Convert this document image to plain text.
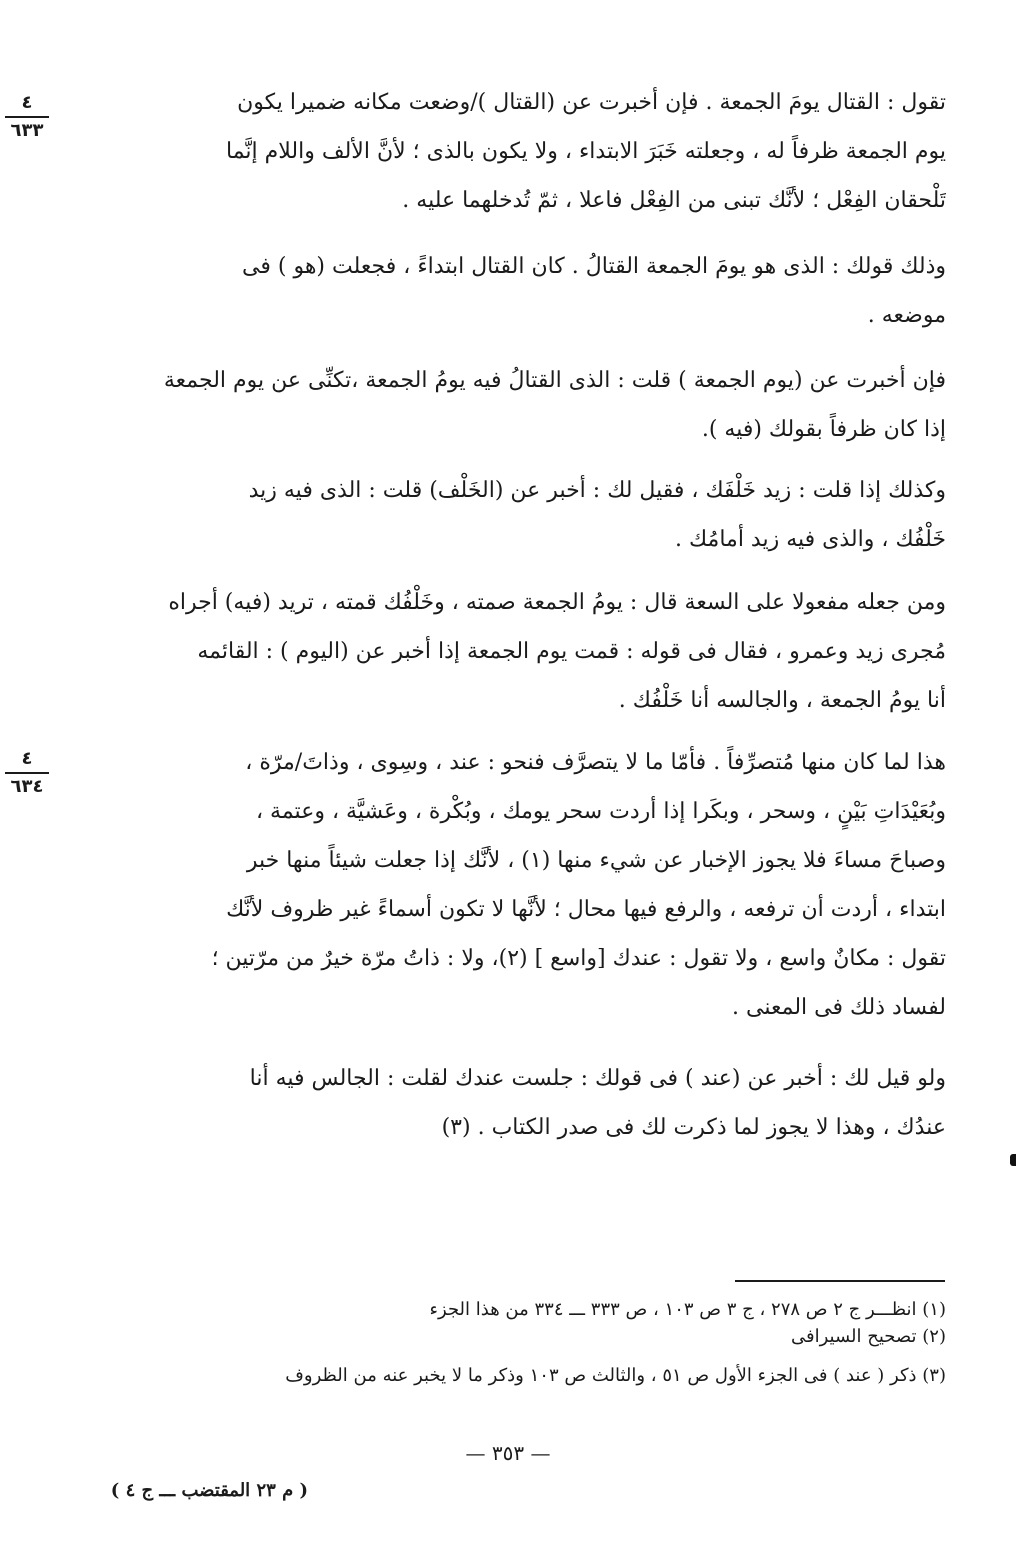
٤
٦٣٣
٤
٦٣٤
تقول : القتال يومَ الجمعة . فإن أخبرت عن (القتال )/وضعت مكانه ضميرا يكون
يوم الجمعة ظرفاً له ، وجعلته خَبَرَ الابتداء ، ولا يكون بالذى ؛ لأنَّ الألف واللام إنَّما
تَلْحقان الفِعْل ؛ لأنَّك تبنى من الفِعْل فاعلا ، ثمّ تُدخلهما عليه .
وذلك قولك : الذى هو يومَ الجمعة القتالُ . كان القتال ابتداءً ، فجعلت (هو ) فى
موضعه .
فإن أخبرت عن (يوم الجمعة ) قلت : الذى القتالُ فيه يومُ الجمعة ،تكنِّى عن يوم الجمعة
إذا كان ظرفاً بقولك (فيه ).
وكذلك إذا قلت : زيد خَلْفَك ، فقيل لك : أخبر عن (الخَلْف) قلت : الذى فيه زيد
خَلْفُك ، والذى فيه زيد أمامُك .
ومن جعله مفعولا على السعة قال : يومُ الجمعة صمته ، وخَلْفُك قمته ، تريد (فيه) أجراه
مُجرى زيد وعمرو ، فقال فى قوله : قمت يوم الجمعة إذا أخبر عن (اليوم ) : القائمه
أنا يومُ الجمعة ، والجالسه أنا خَلْفُك .
هذا لما كان منها مُتصرِّفاً . فأمّا ما لا يتصرَّف فنحو : عند ، وسِوى ، وذاتَ/مرّة ،
وبُعَيْدَاتِ بَيْنٍ ، وسحر ، وبكَرا إذا أردت سحر يومك ، وبُكْرة ، وعَشيَّة ، وعتمة ،
وصباحَ مساءَ فلا يجوز الإخبار عن شيء منها (١) ، لأنَّك إذا جعلت شيئاً منها خبر
ابتداء ، أردت أن ترفعه ، والرفع فيها محال ؛ لأنَّها لا تكون أسماءً غير ظروف لأنَّك
تقول : مكانٌ واسع ، ولا تقول : عندك [واسع ] (٢)، ولا : ذاتُ مرّة خيرٌ من مرّتين ؛
لفساد ذلك فى المعنى .
ولو قيل لك : أخبر عن (عند ) فى قولك : جلست عندك لقلت : الجالس فيه أنا
عندُك ، وهذا لا يجوز لما ذكرت لك فى صدر الكتاب . (٣)
(١) انظـــر ج ٢ ص ٢٧٨ ، ج ٣ ص ١٠٣ ، ص ٣٣٣ ـــ ٣٣٤ من هذا الجزء
(٢) تصحيح السيرافى
(٣) ذكر ( عند ) فى الجزء الأول ص ٥١ ، والثالث ص ١٠٣ وذكر ما لا يخبر عنه من الظروف
— ٣٥٣ —
( م ٢٣ المقتضب ـــ ج ٤ )
